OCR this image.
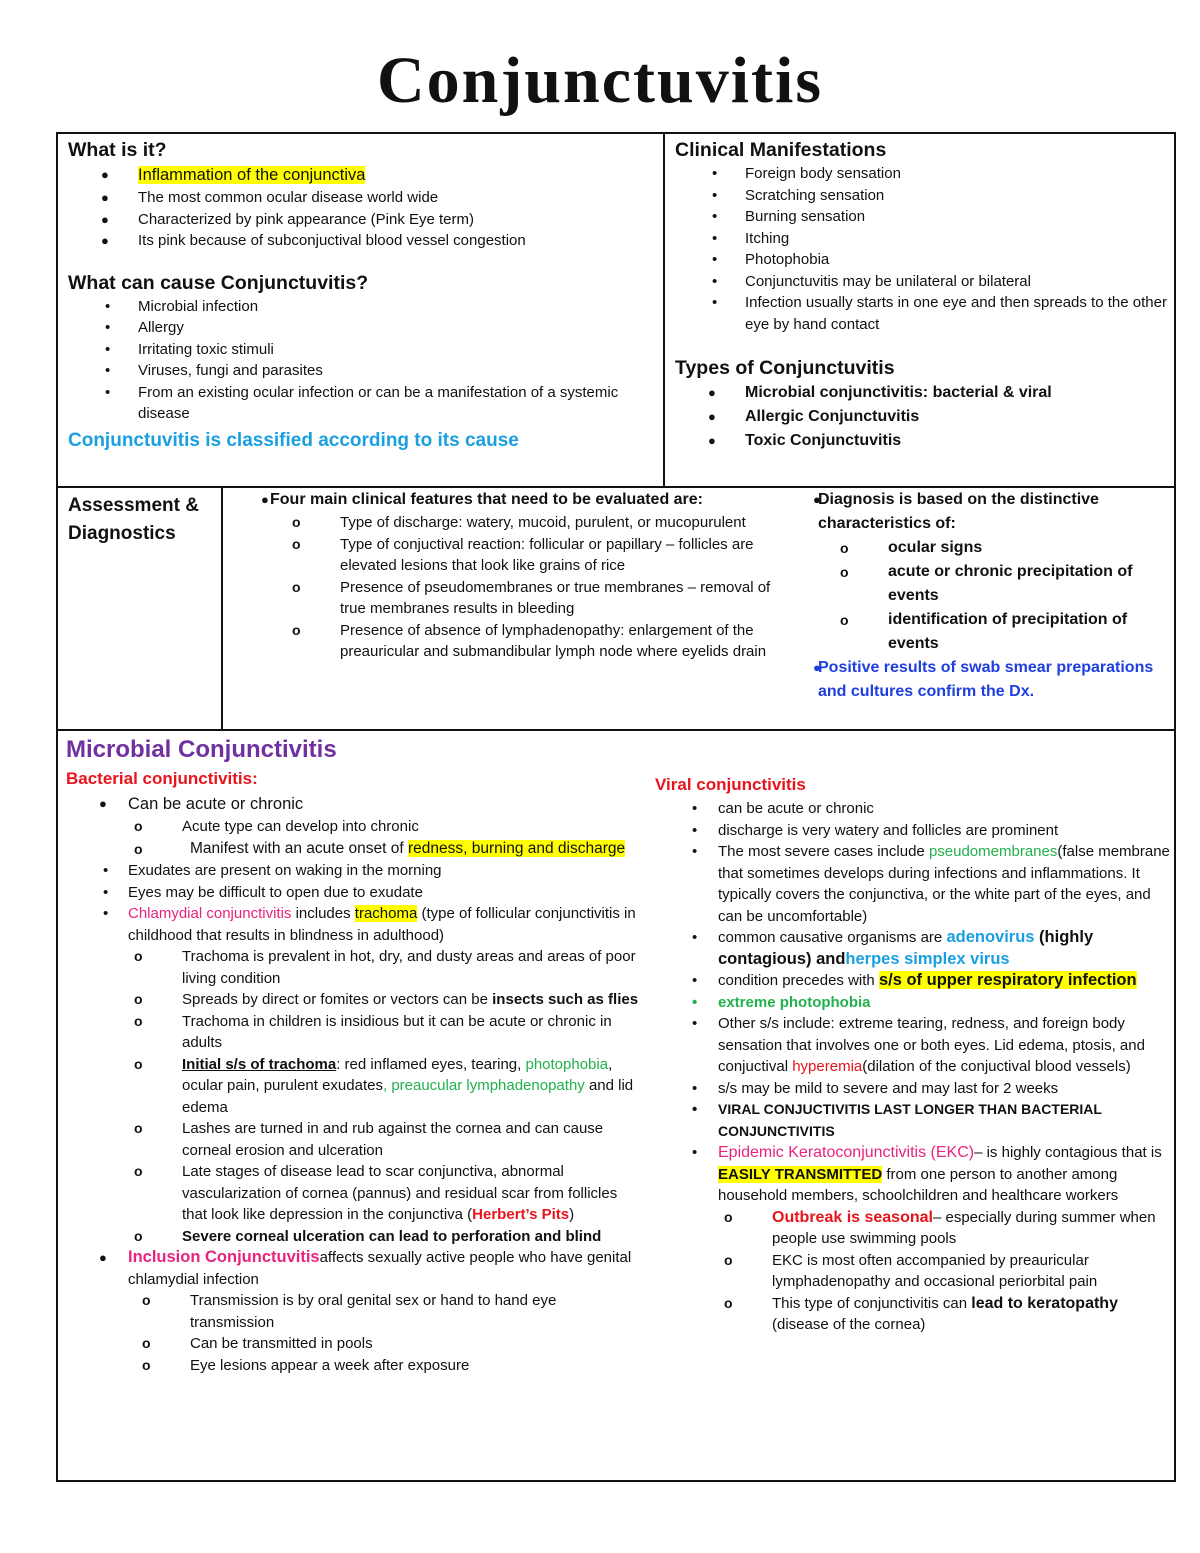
Conjunctuvitis
What is it?
● Inflammation of the conjunctiva
● The most common ocular disease world wide
● Characterized by pink appearance (Pink Eye term)
● Its pink because of subconjuctival blood vessel congestion
What can cause Conjunctuvitis?
• Microbial infection
• Allergy
• Irritating toxic stimuli
• Viruses, fungi and parasites
• From an existing ocular infection or can be a manifestation of a systemic disease
Conjunctuvitis is classified according to its cause
Clinical Manifestations
• Foreign body sensation
• Scratching sensation
• Burning sensation
• Itching
• Photophobia
• Conjunctuvitis may be unilateral or bilateral
• Infection usually starts in one eye and then spreads to the other eye by hand contact
Types of Conjunctuvitis
● Microbial conjunctivitis: bacterial & viral
● Allergic Conjunctuvitis
● Toxic Conjunctuvitis
Assessment &
Diagnostics
● Four main clinical features that need to be evaluated are:
o Type of discharge: watery, mucoid, purulent, or mucopurulent
o Type of conjuctival reaction: follicular or papillary – follicles are elevated lesions that look like grains of rice
o Presence of pseudomembranes or true membranes – removal of true membranes results in bleeding
o Presence of absence of lymphadenopathy: enlargement of the preauricular and submandibular lymph node where eyelids drain
● Diagnosis is based on the distinctive characteristics of:
o ocular signs
o acute or chronic precipitation of events
o identification of precipitation of events
● Positive results of swab smear preparations and cultures confirm the Dx.
Microbial Conjunctivitis
Bacterial conjunctivitis:
● Can be acute or chronic
o Acute type can develop into chronic
o Manifest with an acute onset of redness, burning and discharge
• Exudates are present on waking in the morning
• Eyes may be difficult to open due to exudate
• Chlamydial conjunctivitis includes trachoma (type of follicular conjunctivitis in childhood that results in blindness in adulthood)
o Trachoma is prevalent in hot, dry, and dusty areas and areas of poor living condition
o Spreads by direct or fomites or vectors can be insects such as flies
o Trachoma in children is insidious but it can be acute or chronic in adults
o Initial s/s of trachoma: red inflamed eyes, tearing, photophobia, ocular pain, purulent exudates, preaucular lymphadenopathy and lid edema
o Lashes are turned in and rub against the cornea and can cause corneal erosion and ulceration
o Late stages of disease lead to scar conjunctiva, abnormal vascularization of cornea (pannus) and residual scar from follicles that look like depression in the conjunctiva (Herbert’s Pits)
o Severe corneal ulceration can lead to perforation and blind
● Inclusion Conjunctuvitisaffects sexually active people who have genital chlamydial infection
o Transmission is by oral genital sex or hand to hand eye transmission
o Can be transmitted in pools
o Eye lesions appear a week after exposure
Viral conjunctivitis
• can be acute or chronic
• discharge is very watery and follicles are prominent
• The most severe cases include pseudomembranes(false membrane that sometimes develops during infections and inflammations. It typically covers the conjunctiva, or the white part of the eyes, and can be uncomfortable)
• common causative organisms are adenovirus (highly contagious) andherpes simplex virus
• condition precedes with s/s of upper respiratory infection
• extreme photophobia
• Other s/s include: extreme tearing, redness, and foreign body sensation that involves one or both eyes. Lid edema, ptosis, and conjuctival hyperemia(dilation of the conjuctival blood vessels)
• s/s may be mild to severe and may last for 2 weeks
• VIRAL CONJUCTIVITIS LAST LONGER THAN BACTERIAL CONJUNCTIVITIS
• Epidemic Keratoconjunctivitis (EKC)– is highly contagious that is EASILY TRANSMITTED from one person to another among household members, schoolchildren and healthcare workers
o Outbreak is seasonal– especially during summer when people use swimming pools
o EKC is most often accompanied by preauricular lymphadenopathy and occasional periorbital pain
o This type of conjunctivitis can lead to keratopathy (disease of the cornea)
